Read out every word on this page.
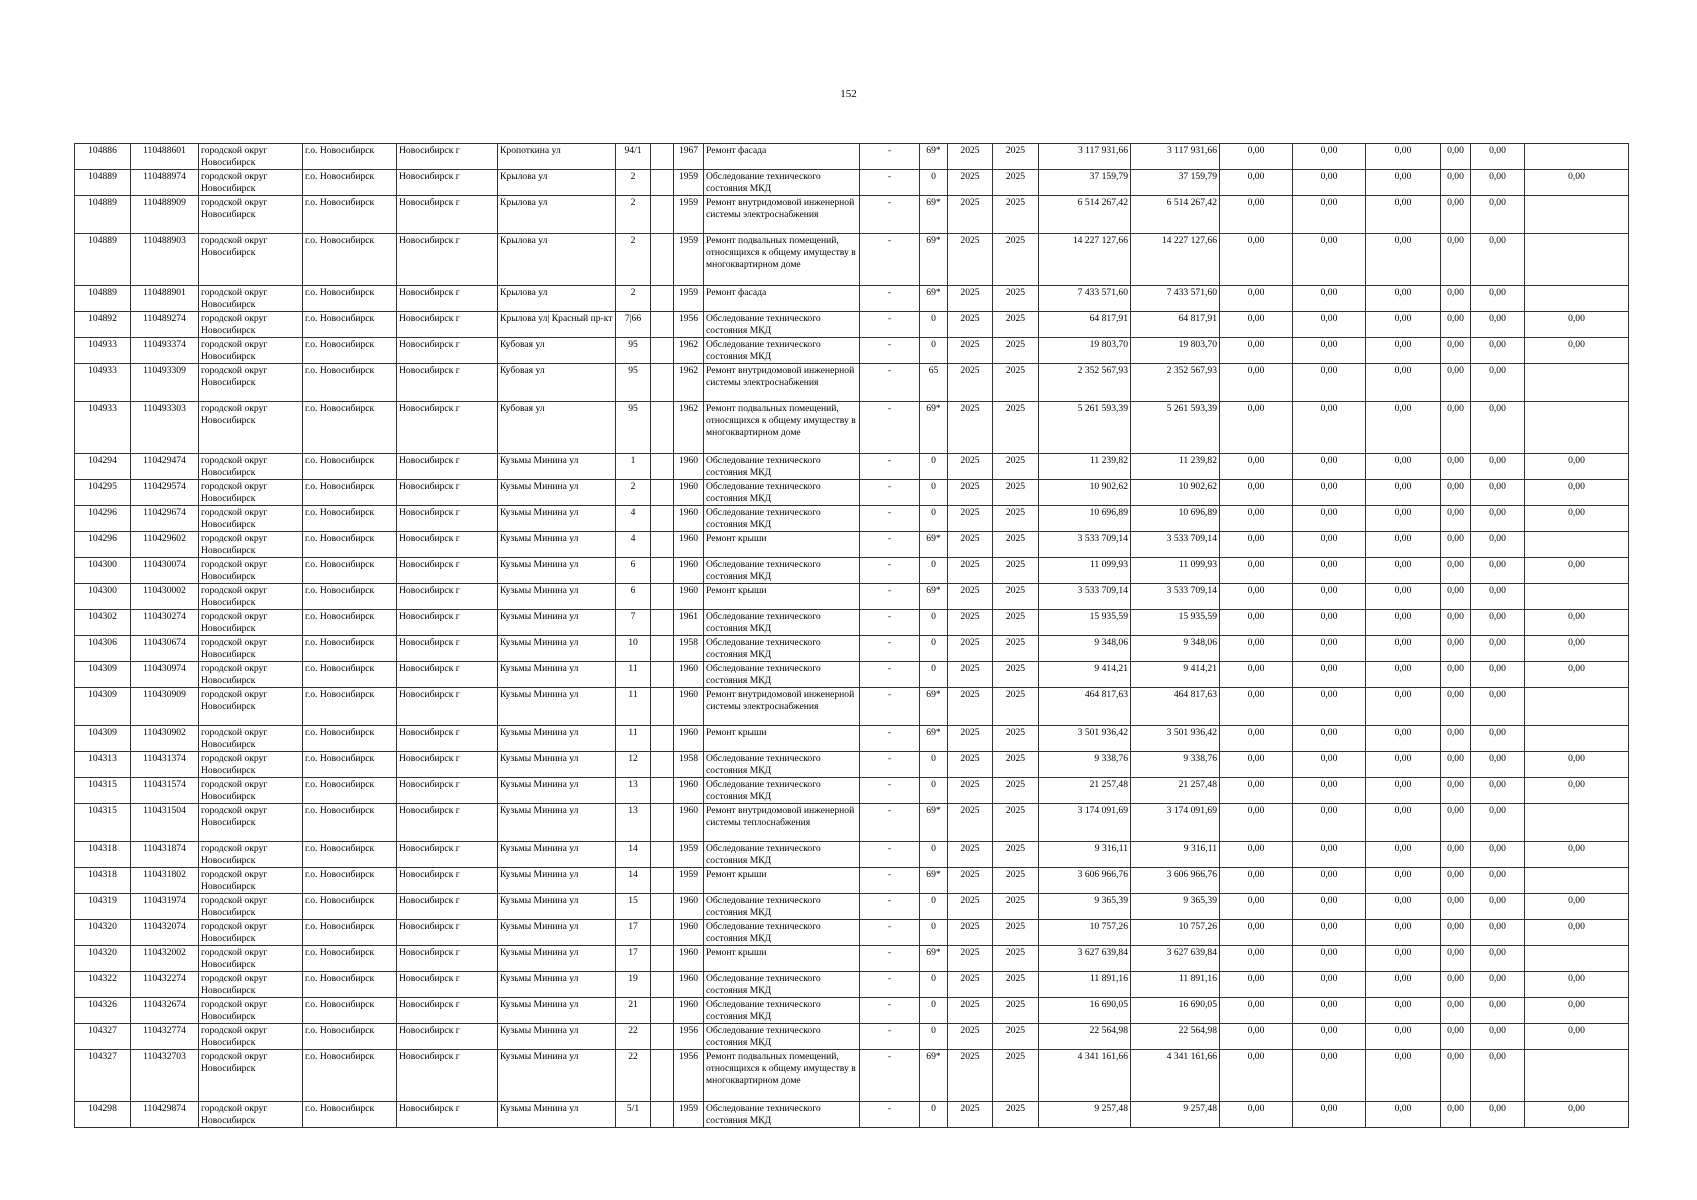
152
104886	110488601	городской округ Новосибирск	г.о. Новосибирск	Новосибирск г	Кропоткина ул	94/1		1967	Ремонт фасада	-	69*	2025	2025	3 117 931,66	3 117 931,66	0,00	0,00	0,00	0,00	0,00	
104889	110488974	городской округ Новосибирск	г.о. Новосибирск	Новосибирск г	Крылова ул	2		1959	Обследование технического состояния МКД	-	0	2025	2025	37 159,79	37 159,79	0,00	0,00	0,00	0,00	0,00	0,00
104889	110488909	городской округ Новосибирск	г.о. Новосибирск	Новосибирск г	Крылова ул	2		1959	Ремонт внутридомовой инженерной системы электроснабжения	-	69*	2025	2025	6 514 267,42	6 514 267,42	0,00	0,00	0,00	0,00	0,00	
104889	110488903	городской округ Новосибирск	г.о. Новосибирск	Новосибирск г	Крылова ул	2		1959	Ремонт подвальных помещений, относящихся к общему имуществу в многоквартирном доме	-	69*	2025	2025	14 227 127,66	14 227 127,66	0,00	0,00	0,00	0,00	0,00	
104889	110488901	городской округ Новосибирск	г.о. Новосибирск	Новосибирск г	Крылова ул	2		1959	Ремонт фасада	-	69*	2025	2025	7 433 571,60	7 433 571,60	0,00	0,00	0,00	0,00	0,00	
104892	110489274	городской округ Новосибирск	г.о. Новосибирск	Новосибирск г	Крылова ул| Красный пр-кт	7|66		1956	Обследование технического состояния МКД	-	0	2025	2025	64 817,91	64 817,91	0,00	0,00	0,00	0,00	0,00	0,00
104933	110493374	городской округ Новосибирск	г.о. Новосибирск	Новосибирск г	Кубовая ул	95		1962	Обследование технического состояния МКД	-	0	2025	2025	19 803,70	19 803,70	0,00	0,00	0,00	0,00	0,00	0,00
104933	110493309	городской округ Новосибирск	г.о. Новосибирск	Новосибирск г	Кубовая ул	95		1962	Ремонт внутридомовой инженерной системы электроснабжения	-	65	2025	2025	2 352 567,93	2 352 567,93	0,00	0,00	0,00	0,00	0,00	
104933	110493303	городской округ Новосибирск	г.о. Новосибирск	Новосибирск г	Кубовая ул	95		1962	Ремонт подвальных помещений, относящихся к общему имуществу в многоквартирном доме	-	69*	2025	2025	5 261 593,39	5 261 593,39	0,00	0,00	0,00	0,00	0,00	
104294	110429474	городской округ Новосибирск	г.о. Новосибирск	Новосибирск г	Кузьмы Минина ул	1		1960	Обследование технического состояния МКД	-	0	2025	2025	11 239,82	11 239,82	0,00	0,00	0,00	0,00	0,00	0,00
104295	110429574	городской округ Новосибирск	г.о. Новосибирск	Новосибирск г	Кузьмы Минина ул	2		1960	Обследование технического состояния МКД	-	0	2025	2025	10 902,62	10 902,62	0,00	0,00	0,00	0,00	0,00	0,00
104296	110429674	городской округ Новосибирск	г.о. Новосибирск	Новосибирск г	Кузьмы Минина ул	4		1960	Обследование технического состояния МКД	-	0	2025	2025	10 696,89	10 696,89	0,00	0,00	0,00	0,00	0,00	0,00
104296	110429602	городской округ Новосибирск	г.о. Новосибирск	Новосибирск г	Кузьмы Минина ул	4		1960	Ремонт крыши	-	69*	2025	2025	3 533 709,14	3 533 709,14	0,00	0,00	0,00	0,00	0,00	
104300	110430074	городской округ Новосибирск	г.о. Новосибирск	Новосибирск г	Кузьмы Минина ул	6		1960	Обследование технического состояния МКД	-	0	2025	2025	11 099,93	11 099,93	0,00	0,00	0,00	0,00	0,00	0,00
104300	110430002	городской округ Новосибирск	г.о. Новосибирск	Новосибирск г	Кузьмы Минина ул	6		1960	Ремонт крыши	-	69*	2025	2025	3 533 709,14	3 533 709,14	0,00	0,00	0,00	0,00	0,00	
104302	110430274	городской округ Новосибирск	г.о. Новосибирск	Новосибирск г	Кузьмы Минина ул	7		1961	Обследование технического состояния МКД	-	0	2025	2025	15 935,59	15 935,59	0,00	0,00	0,00	0,00	0,00	0,00
104306	110430674	городской округ Новосибирск	г.о. Новосибирск	Новосибирск г	Кузьмы Минина ул	10		1958	Обследование технического состояния МКД	-	0	2025	2025	9 348,06	9 348,06	0,00	0,00	0,00	0,00	0,00	0,00
104309	110430974	городской округ Новосибирск	г.о. Новосибирск	Новосибирск г	Кузьмы Минина ул	11		1960	Обследование технического состояния МКД	-	0	2025	2025	9 414,21	9 414,21	0,00	0,00	0,00	0,00	0,00	0,00
104309	110430909	городской округ Новосибирск	г.о. Новосибирск	Новосибирск г	Кузьмы Минина ул	11		1960	Ремонт внутридомовой инженерной системы электроснабжения	-	69*	2025	2025	464 817,63	464 817,63	0,00	0,00	0,00	0,00	0,00	
104309	110430902	городской округ Новосибирск	г.о. Новосибирск	Новосибирск г	Кузьмы Минина ул	11		1960	Ремонт крыши	-	69*	2025	2025	3 501 936,42	3 501 936,42	0,00	0,00	0,00	0,00	0,00	
104313	110431374	городской округ Новосибирск	г.о. Новосибирск	Новосибирск г	Кузьмы Минина ул	12		1958	Обследование технического состояния МКД	-	0	2025	2025	9 338,76	9 338,76	0,00	0,00	0,00	0,00	0,00	0,00
104315	110431574	городской округ Новосибирск	г.о. Новосибирск	Новосибирск г	Кузьмы Минина ул	13		1960	Обследование технического состояния МКД	-	0	2025	2025	21 257,48	21 257,48	0,00	0,00	0,00	0,00	0,00	0,00
104315	110431504	городской округ Новосибирск	г.о. Новосибирск	Новосибирск г	Кузьмы Минина ул	13		1960	Ремонт внутридомовой инженерной системы теплоснабжения	-	69*	2025	2025	3 174 091,69	3 174 091,69	0,00	0,00	0,00	0,00	0,00	
104318	110431874	городской округ Новосибирск	г.о. Новосибирск	Новосибирск г	Кузьмы Минина ул	14		1959	Обследование технического состояния МКД	-	0	2025	2025	9 316,11	9 316,11	0,00	0,00	0,00	0,00	0,00	0,00
104318	110431802	городской округ Новосибирск	г.о. Новосибирск	Новосибирск г	Кузьмы Минина ул	14		1959	Ремонт крыши	-	69*	2025	2025	3 606 966,76	3 606 966,76	0,00	0,00	0,00	0,00	0,00	
104319	110431974	городской округ Новосибирск	г.о. Новосибирск	Новосибирск г	Кузьмы Минина ул	15		1960	Обследование технического состояния МКД	-	0	2025	2025	9 365,39	9 365,39	0,00	0,00	0,00	0,00	0,00	0,00
104320	110432074	городской округ Новосибирск	г.о. Новосибирск	Новосибирск г	Кузьмы Минина ул	17		1960	Обследование технического состояния МКД	-	0	2025	2025	10 757,26	10 757,26	0,00	0,00	0,00	0,00	0,00	0,00
104320	110432002	городской округ Новосибирск	г.о. Новосибирск	Новосибирск г	Кузьмы Минина ул	17		1960	Ремонт крыши	-	69*	2025	2025	3 627 639,84	3 627 639,84	0,00	0,00	0,00	0,00	0,00	
104322	110432274	городской округ Новосибирск	г.о. Новосибирск	Новосибирск г	Кузьмы Минина ул	19		1960	Обследование технического состояния МКД	-	0	2025	2025	11 891,16	11 891,16	0,00	0,00	0,00	0,00	0,00	0,00
104326	110432674	городской округ Новосибирск	г.о. Новосибирск	Новосибирск г	Кузьмы Минина ул	21		1960	Обследование технического состояния МКД	-	0	2025	2025	16 690,05	16 690,05	0,00	0,00	0,00	0,00	0,00	0,00
104327	110432774	городской округ Новосибирск	г.о. Новосибирск	Новосибирск г	Кузьмы Минина ул	22		1956	Обследование технического состояния МКД	-	0	2025	2025	22 564,98	22 564,98	0,00	0,00	0,00	0,00	0,00	0,00
104327	110432703	городской округ Новосибирск	г.о. Новосибирск	Новосибирск г	Кузьмы Минина ул	22		1956	Ремонт подвальных помещений, относящихся к общему имуществу в многоквартирном доме	-	69*	2025	2025	4 341 161,66	4 341 161,66	0,00	0,00	0,00	0,00	0,00	
104298	110429874	городской округ Новосибирск	г.о. Новосибирск	Новосибирск г	Кузьмы Минина ул	5/1		1959	Обследование технического состояния МКД	-	0	2025	2025	9 257,48	9 257,48	0,00	0,00	0,00	0,00	0,00	0,00
